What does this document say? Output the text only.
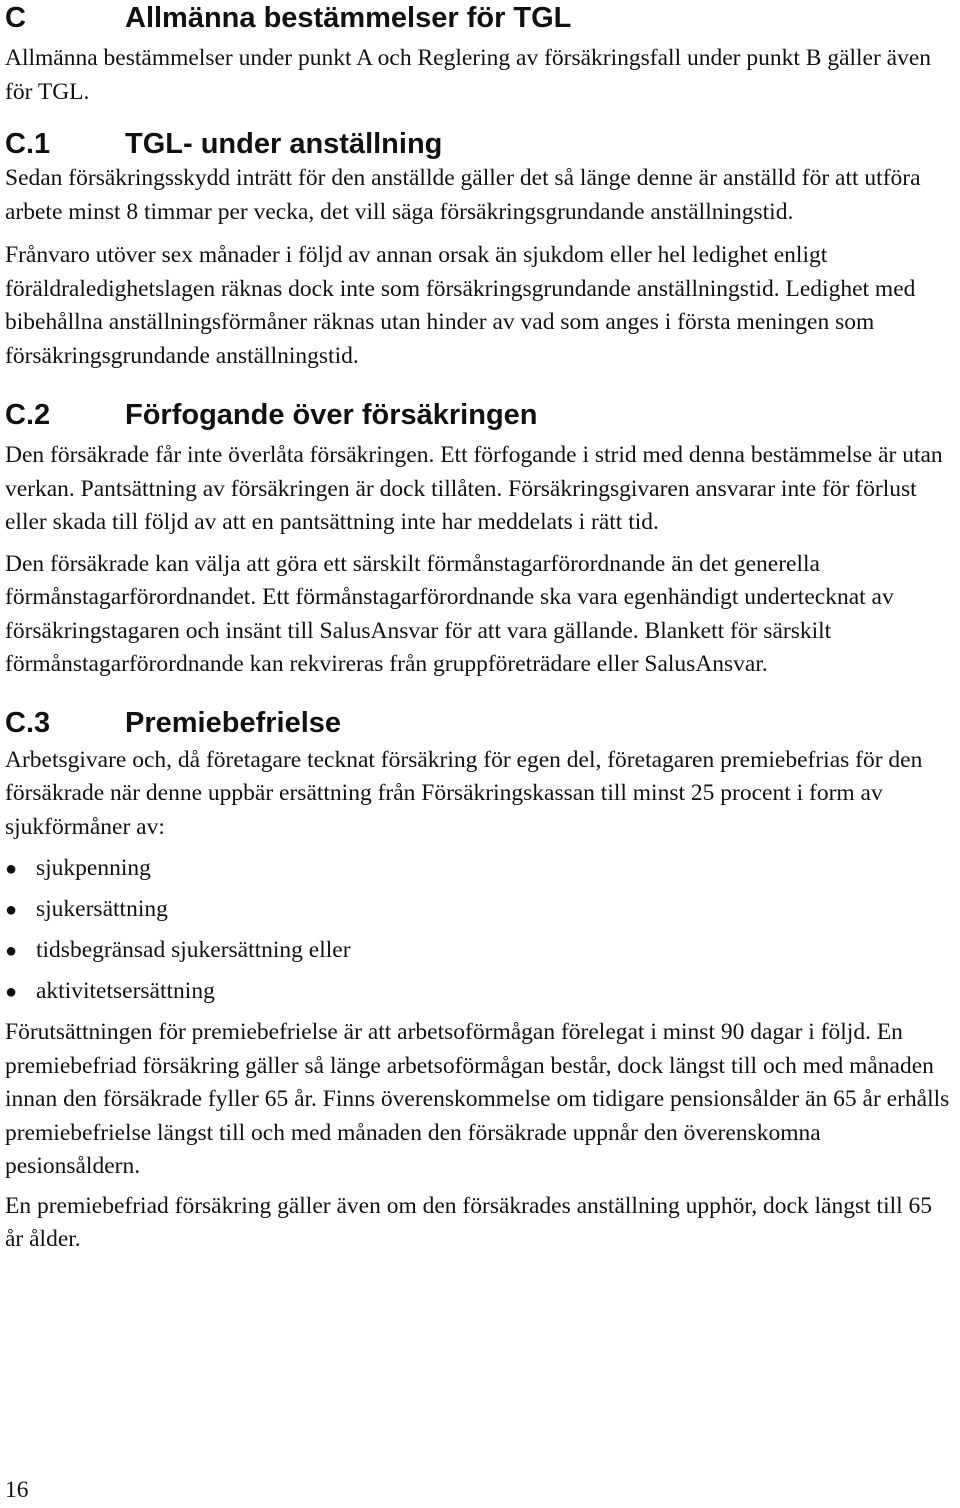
C	Allmänna bestämmelser för TGL

Allmänna bestämmelser under punkt A och Reglering av försäkringsfall under punkt B gäller även för TGL.

C.1	TGL- under anställning

Sedan försäkringsskydd inträtt för den anställde gäller det så länge denne är anställd för att utföra arbete minst 8 timmar per vecka, det vill säga försäkringsgrundande anställningstid.

Frånvaro utöver sex månader i följd av annan orsak än sjukdom eller hel ledighet enligt föräldraledighetslagen räknas dock inte som försäkringsgrundande anställningstid. Ledighet med bibehållna anställningsförmåner räknas utan hinder av vad som anges i första meningen som försäkringsgrundande anställningstid.

C.2	Förfogande över försäkringen

Den försäkrade får inte överlåta försäkringen. Ett förfogande i strid med denna bestämmelse är utan verkan. Pantsättning av försäkringen är dock tillåten. Försäkringsgivaren ansvarar inte för förlust eller skada till följd av att en pantsättning inte har meddelats i rätt tid.

Den försäkrade kan välja att göra ett särskilt förmånstagarförordnande än det generella förmånstagarförordnandet. Ett förmånstagarförordnande ska vara egenhändigt undertecknat av försäkringstagaren och insänt till SalusAnsvar för att vara gällande. Blankett för särskilt förmånstagarförordnande kan rekvireras från gruppföreträdare eller SalusAnsvar.

C.3	Premiebefrielse

Arbetsgivare och, då företagare tecknat försäkring för egen del, företagaren premiebefrias för den försäkrade när denne uppbär ersättning från Försäkringskassan till minst 25 procent i form av sjukförmåner av:

● sjukpenning
● sjukersättning
● tidsbegränsad sjukersättning eller
● aktivitetsersättning

Förutsättningen för premiebefrielse är att arbetsoförmågan förelegat i minst 90 dagar i följd. En premiebefriad försäkring gäller så länge arbetsoförmågan består, dock längst till och med månaden innan den försäkrade fyller 65 år. Finns överenskommelse om tidigare pensionsålder än 65 år erhålls premiebefrielse längst till och med månaden den försäkrade uppnår den överenskomna pesionsåldern.

En premiebefriad försäkring gäller även om den försäkrades anställning upphör, dock längst till 65 år ålder.

16
